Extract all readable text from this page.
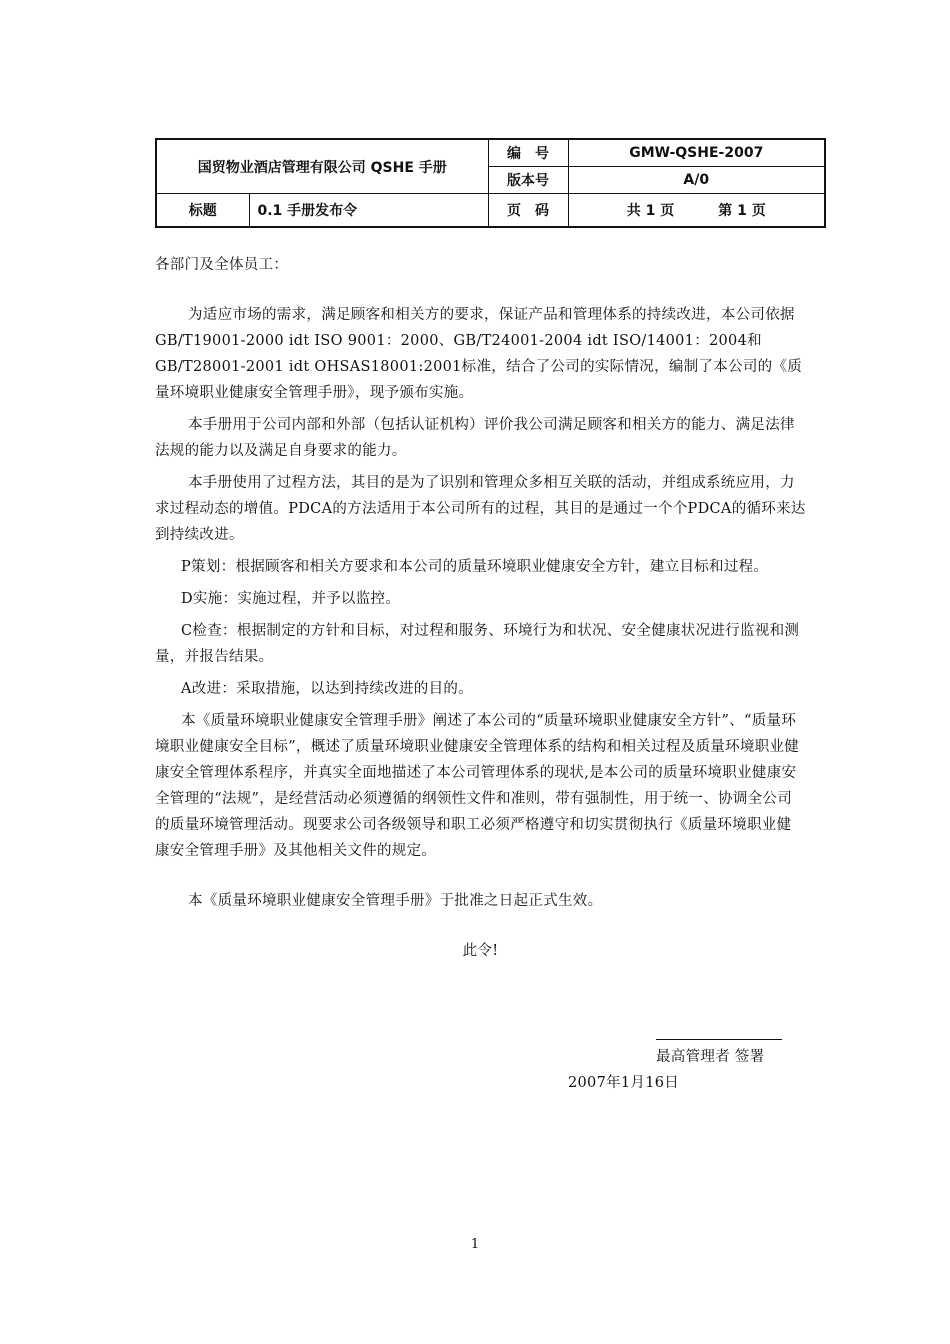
国贸物业酒店管理有限公司 QSHE 手册		编　号	GMW-QSHE-2007
		版本号	A/0
标题	0.1 手册发布令	页　码	共 1 页 第 1 页

各部门及全体员工：

为适应市场的需求，满足顾客和相关方的要求，保证产品和管理体系的持续改进，本公司依据GB/T19001-2000 idt ISO 9001：2000、GB/T24001-2004 idt ISO/14001：2004和GB/T28001-2001 idt OHSAS18001:2001标准，结合了公司的实际情况，编制了本公司的《质量环境职业健康安全管理手册》，现予颁布实施。

本手册用于公司内部和外部（包括认证机构）评价我公司满足顾客和相关方的能力、满足法律法规的能力以及满足自身要求的能力。

本手册使用了过程方法，其目的是为了识别和管理众多相互关联的活动，并组成系统应用，力求过程动态的增值。PDCA的方法适用于本公司所有的过程，其目的是通过一个个PDCA的循环来达到持续改进。

P策划：根据顾客和相关方要求和本公司的质量环境职业健康安全方针，建立目标和过程。

D实施：实施过程，并予以监控。

C检查：根据制定的方针和目标，对过程和服务、环境行为和状况、安全健康状况进行监视和测量，并报告结果。

A改进：采取措施，以达到持续改进的目的。

本《质量环境职业健康安全管理手册》阐述了本公司的“质量环境职业健康安全方针”、“质量环境职业健康安全目标”，概述了质量环境职业健康安全管理体系的结构和相关过程及质量环境职业健康安全管理体系程序，并真实全面地描述了本公司管理体系的现状,是本公司的质量环境职业健康安全管理的“法规”，是经营活动必须遵循的纲领性文件和准则，带有强制性，用于统一、协调全公司的质量环境管理活动。现要求公司各级领导和职工必须严格遵守和切实贯彻执行《质量环境职业健康安全管理手册》及其他相关文件的规定。

本《质量环境职业健康安全管理手册》于批准之日起正式生效。

此令!

最高管理者 签署
2007年1月16日
1
